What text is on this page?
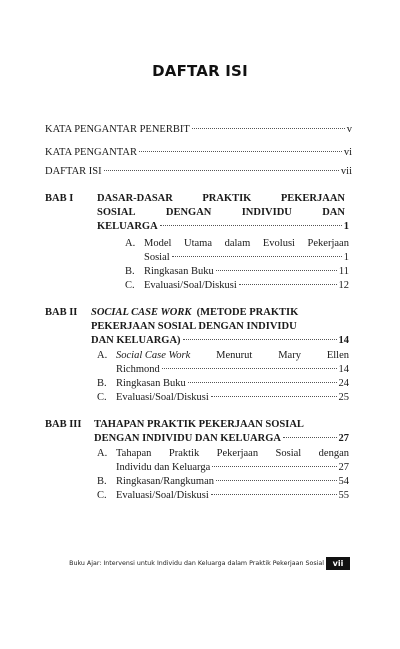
DAFTAR ISI
KATA PENGANTAR PENERBIT	v
KATA PENGANTAR	vi
DAFTAR ISI	vii
BAB I DASAR-DASAR	PRAKTIK	PEKERJAAN
SOSIAL	DENGAN	INDIVIDU	DAN
KELUARGA	1
A. Model Utama dalam Evolusi Pekerjaan
Sosial	1
B. Ringkasan Buku	11
C. Evaluasi/Soal/Diskusi	12
BAB II SOCIAL CASE WORK (METODE PRAKTIK
PEKERJAAN SOSIAL DENGAN INDIVIDU
DAN KELUARGA)	14
A. Social Case Work Menurut Mary Ellen
Richmond	14
B. Ringkasan Buku	24
C. Evaluasi/Soal/Diskusi	25
BAB III TAHAPAN PRAKTIK PEKERJAAN SOSIAL
DENGAN INDIVIDU DAN KELUARGA	27
A. Tahapan Praktik Pekerjaan Sosial dengan
Individu dan Keluarga	27
B. Ringkasan/Rangkuman	54
C. Evaluasi/Soal/Diskusi	55
Buku Ajar: Intervensi untuk Individu dan Keluarga dalam Praktik Pekerjaan Sosial	vii
